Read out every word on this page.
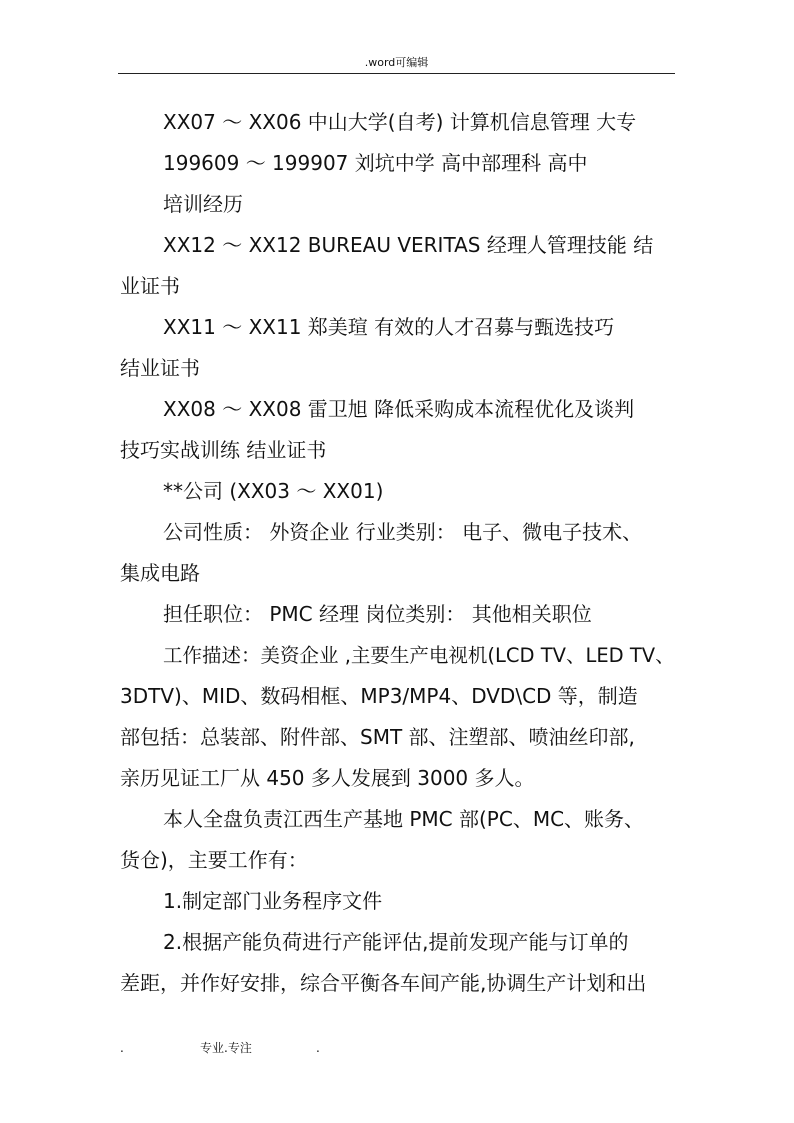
.word可编辑

XX07 ～ XX06 中山大学(自考) 计算机信息管理 大专

199609 ～ 199907 刘坑中学 高中部理科 高中

培训经历

XX12 ～ XX12 BUREAU VERITAS 经理人管理技能 结

业证书

XX11 ～ XX11 郑美瑄 有效的人才召募与甄选技巧

结业证书

XX08 ～ XX08 雷卫旭 降低采购成本流程优化及谈判

技巧实战训练 结业证书

**公司 (XX03 ～ XX01)

公司性质： 外资企业 行业类别： 电子、微电子技术、

集成电路

担任职位： PMC 经理 岗位类别： 其他相关职位

工作描述：美资企业 ,主要生产电视机(LCD TV、LED TV、

3DTV)、MID、数码相框、MP3/MP4、DVD\CD 等，制造

部包括：总装部、附件部、SMT 部、注塑部、喷油丝印部,

亲历见证工厂从 450 多人发展到 3000 多人。

本人全盘负责江西生产基地 PMC 部(PC、MC、账务、

货仓)，主要工作有：

1.制定部门业务程序文件

2.根据产能负荷进行产能评估,提前发现产能与订单的

差距，并作好安排，综合平衡各车间产能,协调生产计划和出

.	专业.专注	.
